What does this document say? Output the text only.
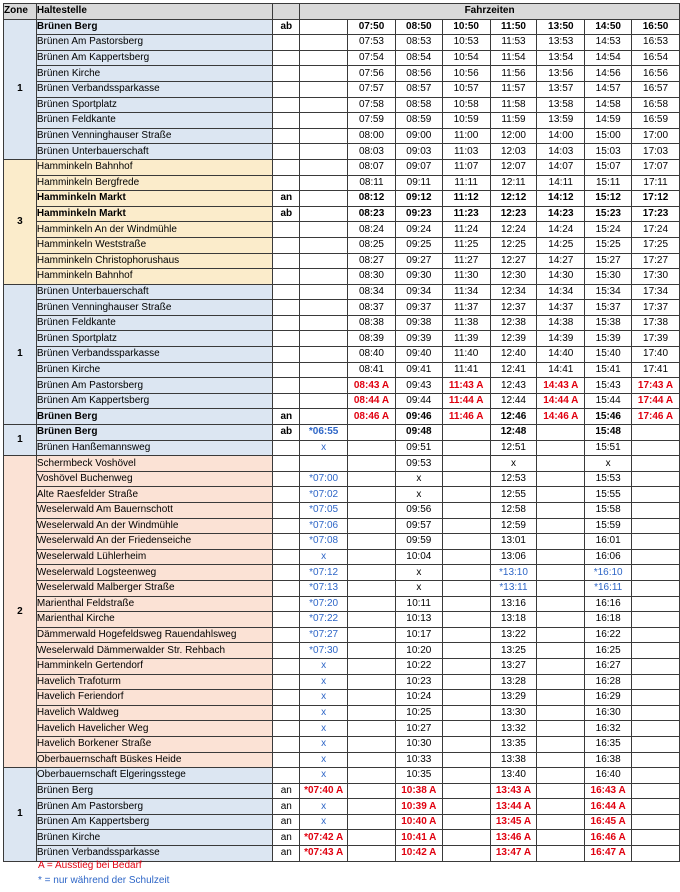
Zone	Haltestelle		Fahrzeiten							
1	Brünen Berg	ab		07:50	08:50	10:50	11:50	13:50	14:50	16:50
	Brünen Am Pastorsberg			07:53	08:53	10:53	11:53	13:53	14:53	16:53
	Brünen Am Kappertsberg			07:54	08:54	10:54	11:54	13:54	14:54	16:54
	Brünen Kirche			07:56	08:56	10:56	11:56	13:56	14:56	16:56
	Brünen Verbandssparkasse			07:57	08:57	10:57	11:57	13:57	14:57	16:57
	Brünen Sportplatz			07:58	08:58	10:58	11:58	13:58	14:58	16:58
	Brünen Feldkante			07:59	08:59	10:59	11:59	13:59	14:59	16:59
	Brünen Venninghauser Straße			08:00	09:00	11:00	12:00	14:00	15:00	17:00
	Brünen Unterbauerschaft			08:03	09:03	11:03	12:03	14:03	15:03	17:03
3	Hamminkeln Bahnhof			08:07	09:07	11:07	12:07	14:07	15:07	17:07
	Hamminkeln Bergfrede			08:11	09:11	11:11	12:11	14:11	15:11	17:11
	Hamminkeln Markt	an		08:12	09:12	11:12	12:12	14:12	15:12	17:12
	Hamminkeln Markt	ab		08:23	09:23	11:23	12:23	14:23	15:23	17:23
	Hamminkeln An der Windmühle			08:24	09:24	11:24	12:24	14:24	15:24	17:24
	Hamminkeln Weststraße			08:25	09:25	11:25	12:25	14:25	15:25	17:25
	Hamminkeln Christophorushaus			08:27	09:27	11:27	12:27	14:27	15:27	17:27
	Hamminkeln Bahnhof			08:30	09:30	11:30	12:30	14:30	15:30	17:30
1	Brünen Unterbauerschaft			08:34	09:34	11:34	12:34	14:34	15:34	17:34
	Brünen Venninghauser Straße			08:37	09:37	11:37	12:37	14:37	15:37	17:37
	Brünen Feldkante			08:38	09:38	11:38	12:38	14:38	15:38	17:38
	Brünen Sportplatz			08:39	09:39	11:39	12:39	14:39	15:39	17:39
	Brünen Verbandssparkasse			08:40	09:40	11:40	12:40	14:40	15:40	17:40
	Brünen Kirche			08:41	09:41	11:41	12:41	14:41	15:41	17:41
	Brünen Am Pastorsberg			08:43 A	09:43	11:43 A	12:43	14:43 A	15:43	17:43 A
	Brünen Am Kappertsberg			08:44 A	09:44	11:44 A	12:44	14:44 A	15:44	17:44 A
	Brünen Berg	an		08:46 A	09:46	11:46 A	12:46	14:46 A	15:46	17:46 A
1	Brünen Berg	ab	*06:55		09:48		12:48		15:48	
	Brünen Hanßemannsweg		x		09:51		12:51		15:51	
2	Schermbeck Voshövel				09:53		x		x	
	Voshövel Buchenweg		*07:00		x		12:53		15:53	
	Alte Raesfelder Straße		*07:02		x		12:55		15:55	
	Weselerwald Am Bauernschott		*07:05		09:56		12:58		15:58	
	Weselerwald An der Windmühle		*07:06		09:57		12:59		15:59	
	Weselerwald An der Friedenseiche		*07:08		09:59		13:01		16:01	
	Weselerwald Lühlerheim		x		10:04		13:06		16:06	
	Weselerwald Logsteenweg		*07:12		x		*13:10		*16:10	
	Weselerwald Malberger Straße		*07:13		x		*13:11		*16:11	
	Marienthal Feldstraße		*07:20		10:11		13:16		16:16	
	Marienthal Kirche		*07:22		10:13		13:18		16:18	
	Dämmerwald Hogefeldsweg Rauendahlsweg		*07:27		10:17		13:22		16:22	
	Weselerwald Dämmerwalder Str. Rehbach		*07:30		10:20		13:25		16:25	
	Hamminkeln Gertendorf		x		10:22		13:27		16:27	
	Havelich Trafoturm		x		10:23		13:28		16:28	
	Havelich Feriendorf		x		10:24		13:29		16:29	
	Havelich Waldweg		x		10:25		13:30		16:30	
	Havelich Havelicher Weg		x		10:27		13:32		16:32	
	Havelich Borkener Straße		x		10:30		13:35		16:35	
	Oberbauernschaft Büskes Heide		x		10:33		13:38		16:38	
1	Oberbauernschaft Elgeringsstege		x		10:35		13:40		16:40	
	Brünen Berg	an	*07:40 A		10:38 A		13:43 A		16:43 A	
	Brünen Am Pastorsberg	an	x		10:39 A		13:44 A		16:44 A	
	Brünen Am Kappertsberg	an	x		10:40 A		13:45 A		16:45 A	
	Brünen Kirche	an	*07:42 A		10:41 A		13:46 A		16:46 A	
	Brünen Verbandssparkasse	an	*07:43 A		10:42 A		13:47 A		16:47 A	
A = Ausstieg bei Bedarf
* = nur während der Schulzeit
